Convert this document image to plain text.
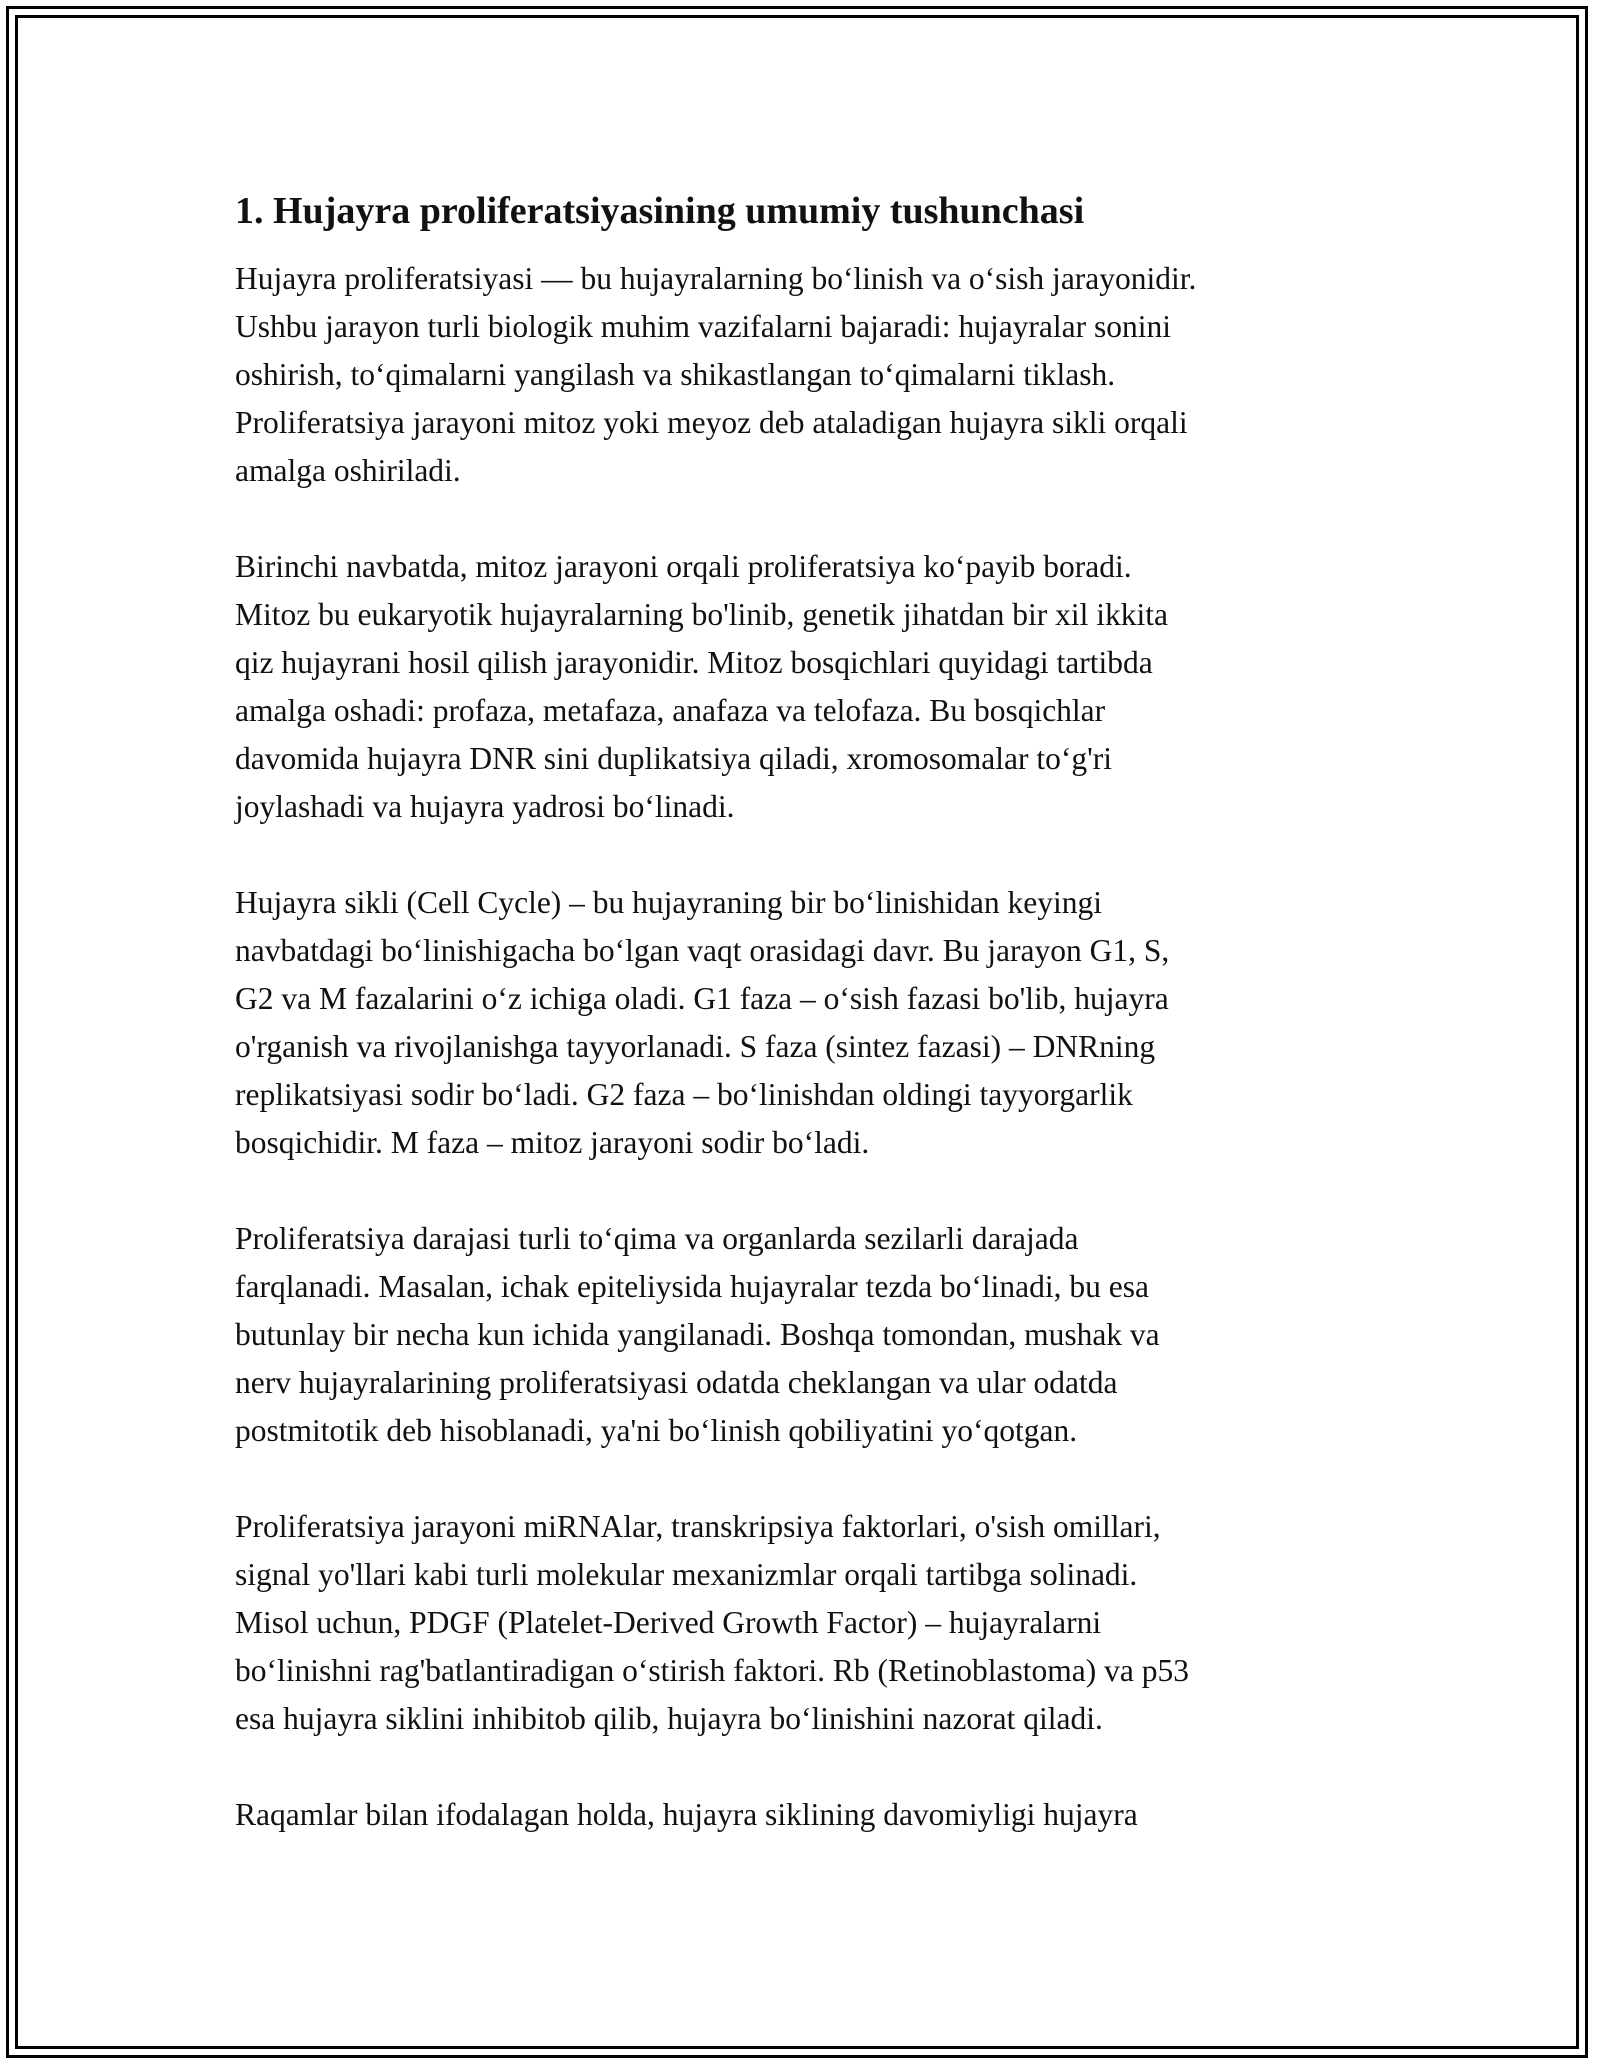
1. Hujayra proliferatsiyasining umumiy tushunchasi

Hujayra proliferatsiyasi — bu hujayralarning bo‘linish va o‘sish jarayonidir.
Ushbu jarayon turli biologik muhim vazifalarni bajaradi: hujayralar sonini
oshirish, to‘qimalarni yangilash va shikastlangan to‘qimalarni tiklash.
Proliferatsiya jarayoni mitoz yoki meyoz deb ataladigan hujayra sikli orqali
amalga oshiriladi.

Birinchi navbatda, mitoz jarayoni orqali proliferatsiya ko‘payib boradi.
Mitoz bu eukaryotik hujayralarning bo'linib, genetik jihatdan bir xil ikkita
qiz hujayrani hosil qilish jarayonidir. Mitoz bosqichlari quyidagi tartibda
amalga oshadi: profaza, metafaza, anafaza va telofaza. Bu bosqichlar
davomida hujayra DNR sini duplikatsiya qiladi, xromosomalar to‘g'ri
joylashadi va hujayra yadrosi bo‘linadi.

Hujayra sikli (Cell Cycle) – bu hujayraning bir bo‘linishidan keyingi
navbatdagi bo‘linishigacha bo‘lgan vaqt orasidagi davr. Bu jarayon G1, S,
G2 va M fazalarini o‘z ichiga oladi. G1 faza – o‘sish fazasi bo'lib, hujayra
o'rganish va rivojlanishga tayyorlanadi. S faza (sintez fazasi) – DNRning
replikatsiyasi sodir bo‘ladi. G2 faza – bo‘linishdan oldingi tayyorgarlik
bosqichidir. M faza – mitoz jarayoni sodir bo‘ladi.

Proliferatsiya darajasi turli to‘qima va organlarda sezilarli darajada
farqlanadi. Masalan, ichak epiteliysida hujayralar tezda bo‘linadi, bu esa
butunlay bir necha kun ichida yangilanadi. Boshqa tomondan, mushak va
nerv hujayralarining proliferatsiyasi odatda cheklangan va ular odatda
postmitotik deb hisoblanadi, ya'ni bo‘linish qobiliyatini yo‘qotgan.

Proliferatsiya jarayoni miRNAlar, transkripsiya faktorlari, o'sish omillari,
signal yo'llari kabi turli molekular mexanizmlar orqali tartibga solinadi.
Misol uchun, PDGF (Platelet-Derived Growth Factor) – hujayralarni
bo‘linishni rag'batlantiradigan o‘stirish faktori. Rb (Retinoblastoma) va p53
esa hujayra siklini inhibitob qilib, hujayra bo‘linishini nazorat qiladi.

Raqamlar bilan ifodalagan holda, hujayra siklining davomiyligi hujayra
